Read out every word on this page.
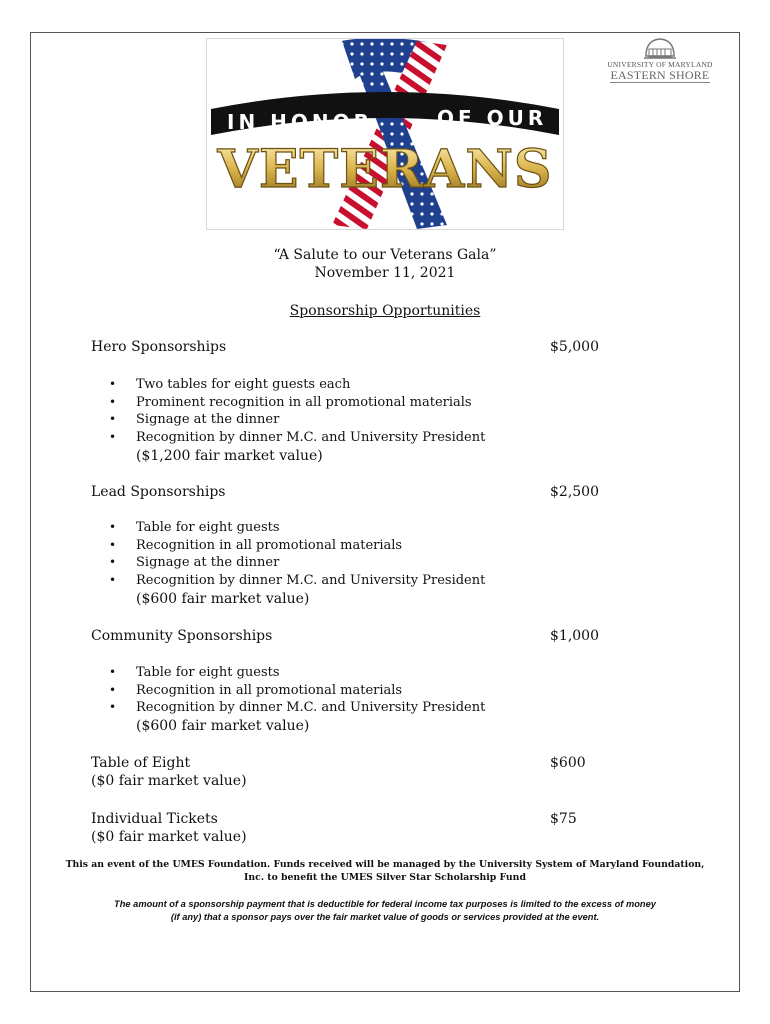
IN HONOR	OF OUR
VETERANS
UNIVERSITY OF MARYLAND
EASTERN SHORE
“A Salute to our Veterans Gala”
November 11, 2021
Sponsorship Opportunities
Hero Sponsorships	$5,000
• Two tables for eight guests each
• Prominent recognition in all promotional materials
• Signage at the dinner
• Recognition by dinner M.C. and University President
($1,200 fair market value)
Lead Sponsorships	$2,500
• Table for eight guests
• Recognition in all promotional materials
• Signage at the dinner
• Recognition by dinner M.C. and University President
($600 fair market value)
Community Sponsorships	$1,000
• Table for eight guests
• Recognition in all promotional materials
• Recognition by dinner M.C. and University President
($600 fair market value)
Table of Eight	$600
($0 fair market value)
Individual Tickets	$75
($0 fair market value)
This an event of the UMES Foundation. Funds received will be managed by the University System of Maryland Foundation,
Inc. to benefit the UMES Silver Star Scholarship Fund
The amount of a sponsorship payment that is deductible for federal income tax purposes is limited to the excess of money
(if any) that a sponsor pays over the fair market value of goods or services provided at the event.
